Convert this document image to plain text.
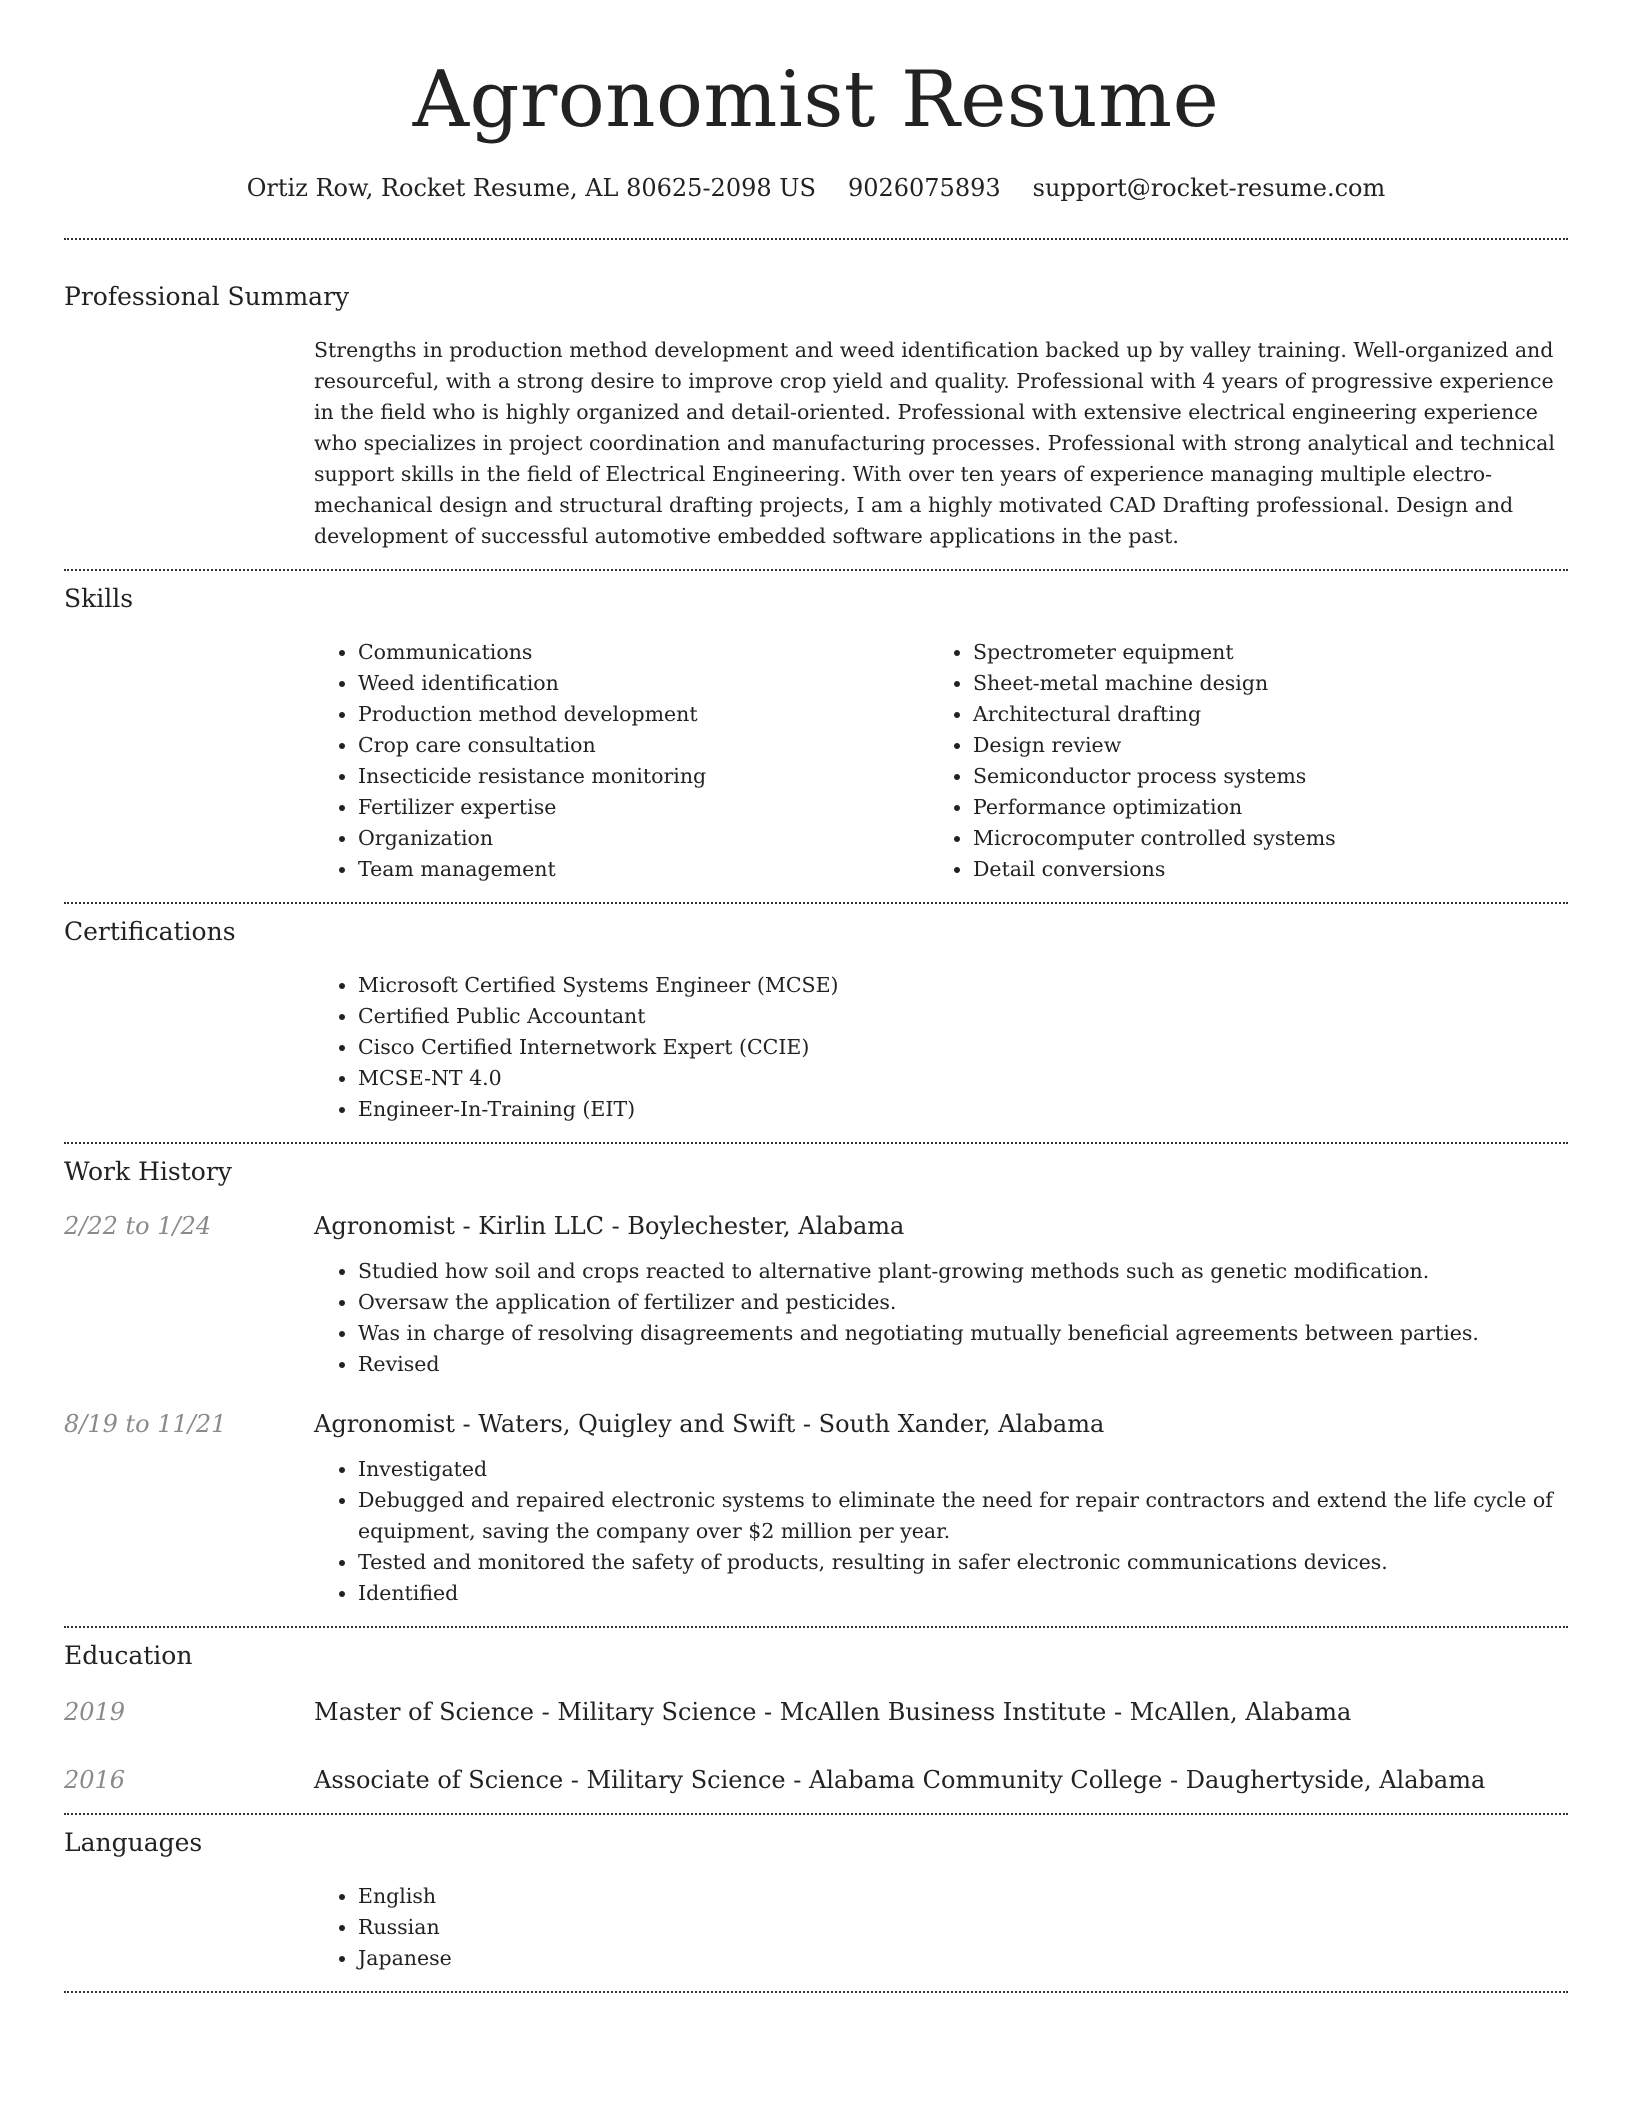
Agronomist Resume
Ortiz Row, Rocket Resume, AL 80625-2098 US 9026075893 support@rocket-resume.com
Professional Summary

Strengths in production method development and weed identification backed up by valley training. Well-organized and resourceful, with a strong desire to improve crop yield and quality. Professional with 4 years of progressive experience in the field who is highly organized and detail-oriented. Professional with extensive electrical engineering experience who specializes in project coordination and manufacturing processes. Professional with strong analytical and technical support skills in the field of Electrical Engineering. With over ten years of experience managing multiple electro-mechanical design and structural drafting projects, I am a highly motivated CAD Drafting professional. Design and development of successful automotive embedded software applications in the past.

Skills
• Communications
• Weed identification
• Production method development
• Crop care consultation
• Insecticide resistance monitoring
• Fertilizer expertise
• Organization
• Team management
• Spectrometer equipment
• Sheet-metal machine design
• Architectural drafting
• Design review
• Semiconductor process systems
• Performance optimization
• Microcomputer controlled systems
• Detail conversions
Certifications
• Microsoft Certified Systems Engineer (MCSE)
• Certified Public Accountant
• Cisco Certified Internetwork Expert (CCIE)
• MCSE-NT 4.0
• Engineer-In-Training (EIT)
Work History
2/22 to 1/24	Agronomist - Kirlin LLC - Boylechester, Alabama
• Studied how soil and crops reacted to alternative plant-growing methods such as genetic modification.
• Oversaw the application of fertilizer and pesticides.
• Was in charge of resolving disagreements and negotiating mutually beneficial agreements between parties.
• Revised
8/19 to 11/21	Agronomist - Waters, Quigley and Swift - South Xander, Alabama
• Investigated
• Debugged and repaired electronic systems to eliminate the need for repair contractors and extend the life cycle of equipment, saving the company over $2 million per year.
• Tested and monitored the safety of products, resulting in safer electronic communications devices.
• Identified
Education
2019	Master of Science - Military Science - McAllen Business Institute - McAllen, Alabama
2016	Associate of Science - Military Science - Alabama Community College - Daughertyside, Alabama
Languages
• English
• Russian
• Japanese
